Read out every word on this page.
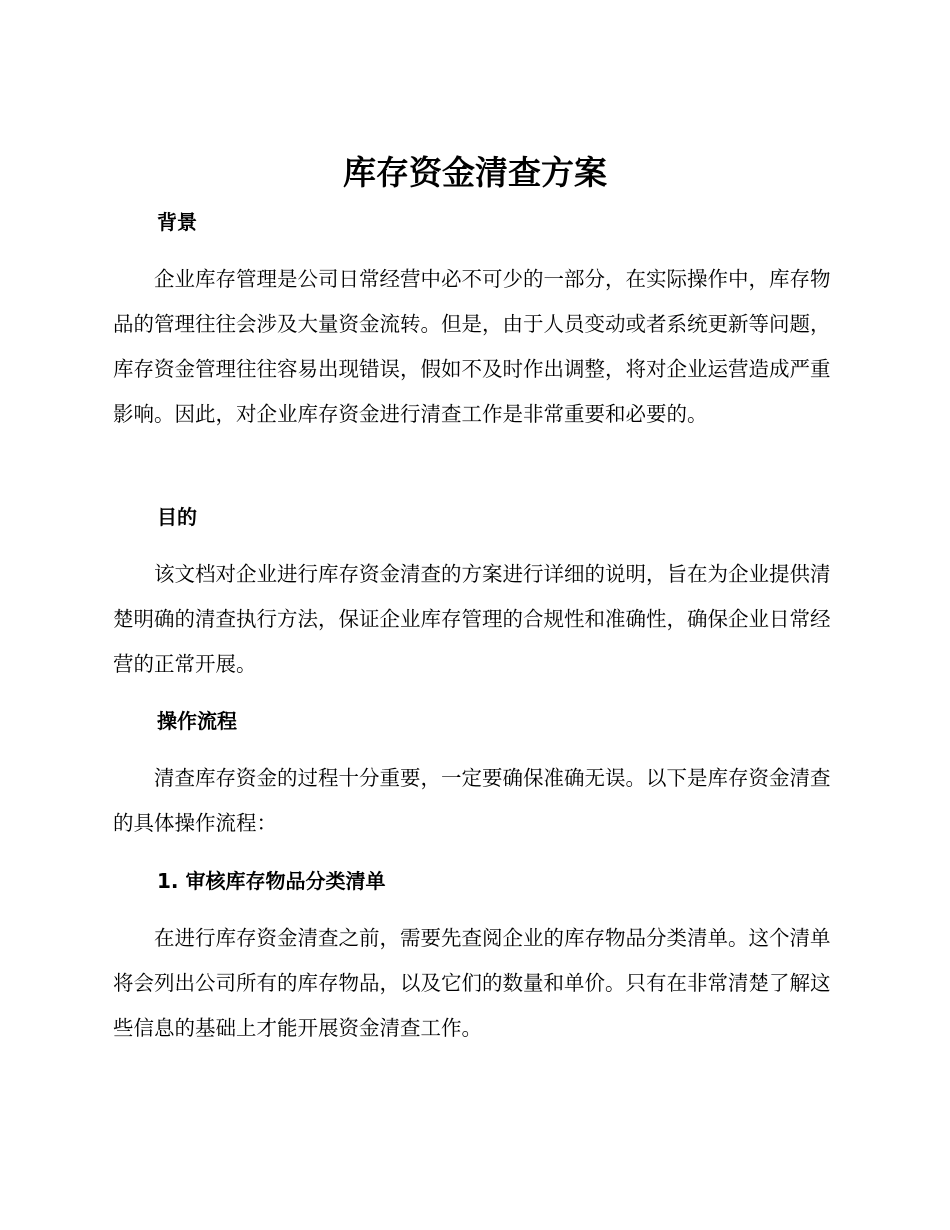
库存资金清查方案
背景

企业库存管理是公司日常经营中必不可少的一部分，在实际操作中，库存物品的管理往往会涉及大量资金流转。但是，由于人员变动或者系统更新等问题，库存资金管理往往容易出现错误，假如不及时作出调整，将对企业运营造成严重影响。因此，对企业库存资金进行清查工作是非常重要和必要的。

目的

该文档对企业进行库存资金清查的方案进行详细的说明，旨在为企业提供清楚明确的清查执行方法，保证企业库存管理的合规性和准确性，确保企业日常经营的正常开展。

操作流程

清查库存资金的过程十分重要，一定要确保准确无误。以下是库存资金清查的具体操作流程：

1. 审核库存物品分类清单

在进行库存资金清查之前，需要先查阅企业的库存物品分类清单。这个清单将会列出公司所有的库存物品，以及它们的数量和单价。只有在非常清楚了解这些信息的基础上才能开展资金清查工作。
